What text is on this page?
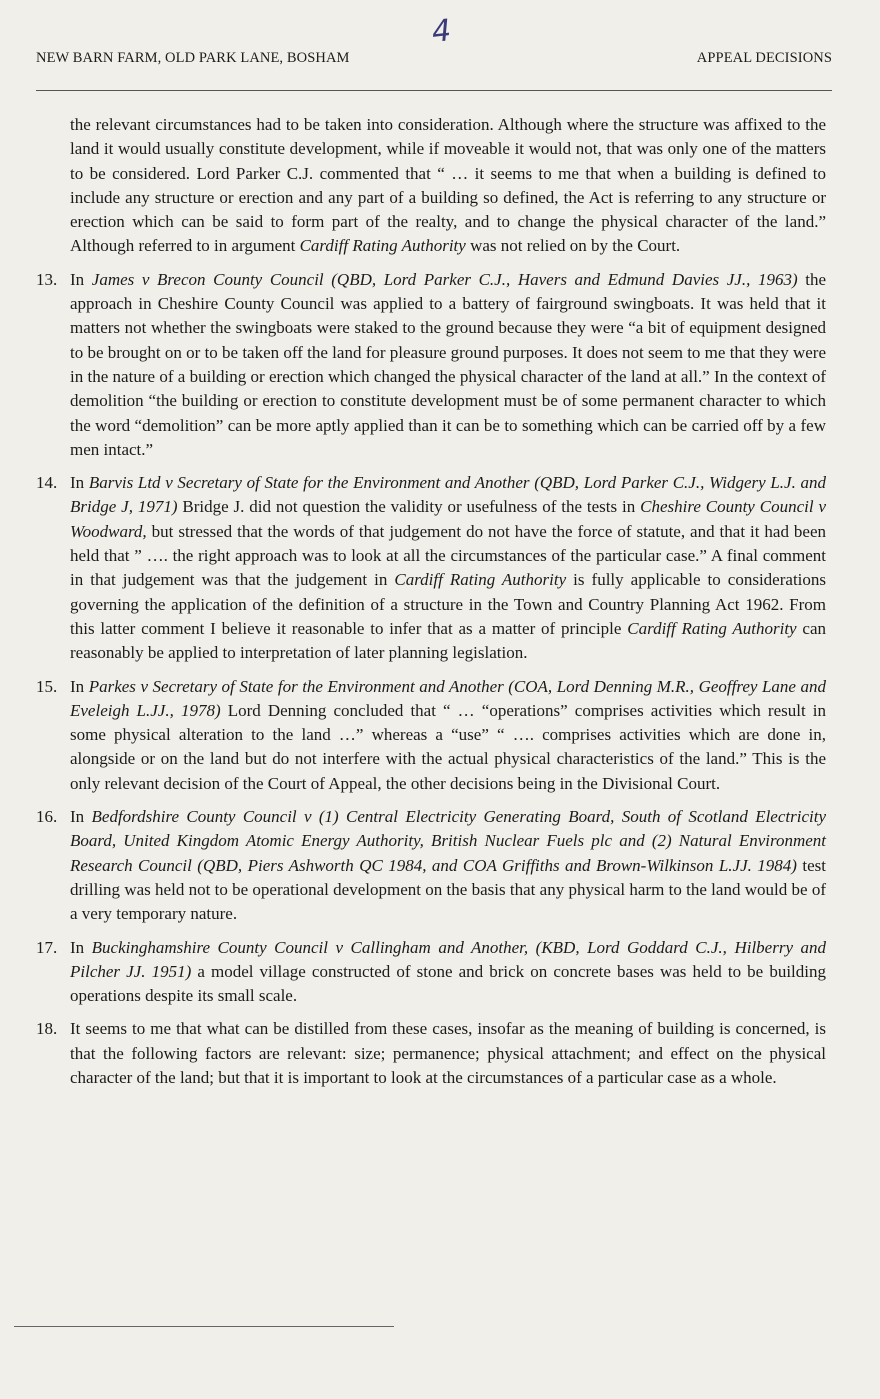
4
NEW BARN FARM, OLD PARK LANE, BOSHAM	APPEAL DECISIONS
the relevant circumstances had to be taken into consideration. Although where the structure was affixed to the land it would usually constitute development, while if moveable it would not, that was only one of the matters to be considered. Lord Parker C.J. commented that “ … it seems to me that when a building is defined to include any structure or erection and any part of a building so defined, the Act is referring to any structure or erection which can be said to form part of the realty, and to change the physical character of the land.” Although referred to in argument Cardiff Rating Authority was not relied on by the Court.
13. In James v Brecon County Council (QBD, Lord Parker C.J., Havers and Edmund Davies JJ., 1963) the approach in Cheshire County Council was applied to a battery of fairground swingboats. It was held that it matters not whether the swingboats were staked to the ground because they were “a bit of equipment designed to be brought on or to be taken off the land for pleasure ground purposes. It does not seem to me that they were in the nature of a building or erection which changed the physical character of the land at all.” In the context of demolition “the building or erection to constitute development must be of some permanent character to which the word “demolition” can be more aptly applied than it can be to something which can be carried off by a few men intact.”
14. In Barvis Ltd v Secretary of State for the Environment and Another (QBD, Lord Parker C.J., Widgery L.J. and Bridge J, 1971) Bridge J. did not question the validity or usefulness of the tests in Cheshire County Council v Woodward, but stressed that the words of that judgement do not have the force of statute, and that it had been held that ” …. the right approach was to look at all the circumstances of the particular case.” A final comment in that judgement was that the judgement in Cardiff Rating Authority is fully applicable to considerations governing the application of the definition of a structure in the Town and Country Planning Act 1962. From this latter comment I believe it reasonable to infer that as a matter of principle Cardiff Rating Authority can reasonably be applied to interpretation of later planning legislation.
15. In Parkes v Secretary of State for the Environment and Another (COA, Lord Denning M.R., Geoffrey Lane and Eveleigh L.JJ., 1978) Lord Denning concluded that “ … “operations” comprises activities which result in some physical alteration to the land …” whereas a “use” “ …. comprises activities which are done in, alongside or on the land but do not interfere with the actual physical characteristics of the land.” This is the only relevant decision of the Court of Appeal, the other decisions being in the Divisional Court.
16. In Bedfordshire County Council v (1) Central Electricity Generating Board, South of Scotland Electricity Board, United Kingdom Atomic Energy Authority, British Nuclear Fuels plc and (2) Natural Environment Research Council (QBD, Piers Ashworth QC 1984, and COA Griffiths and Brown-Wilkinson L.JJ. 1984) test drilling was held not to be operational development on the basis that any physical harm to the land would be of a very temporary nature.
17. In Buckinghamshire County Council v Callingham and Another, (KBD, Lord Goddard C.J., Hilberry and Pilcher JJ. 1951) a model village constructed of stone and brick on concrete bases was held to be building operations despite its small scale.
18. It seems to me that what can be distilled from these cases, insofar as the meaning of building is concerned, is that the following factors are relevant: size; permanence; physical attachment; and effect on the physical character of the land; but that it is important to look at the circumstances of a particular case as a whole.
